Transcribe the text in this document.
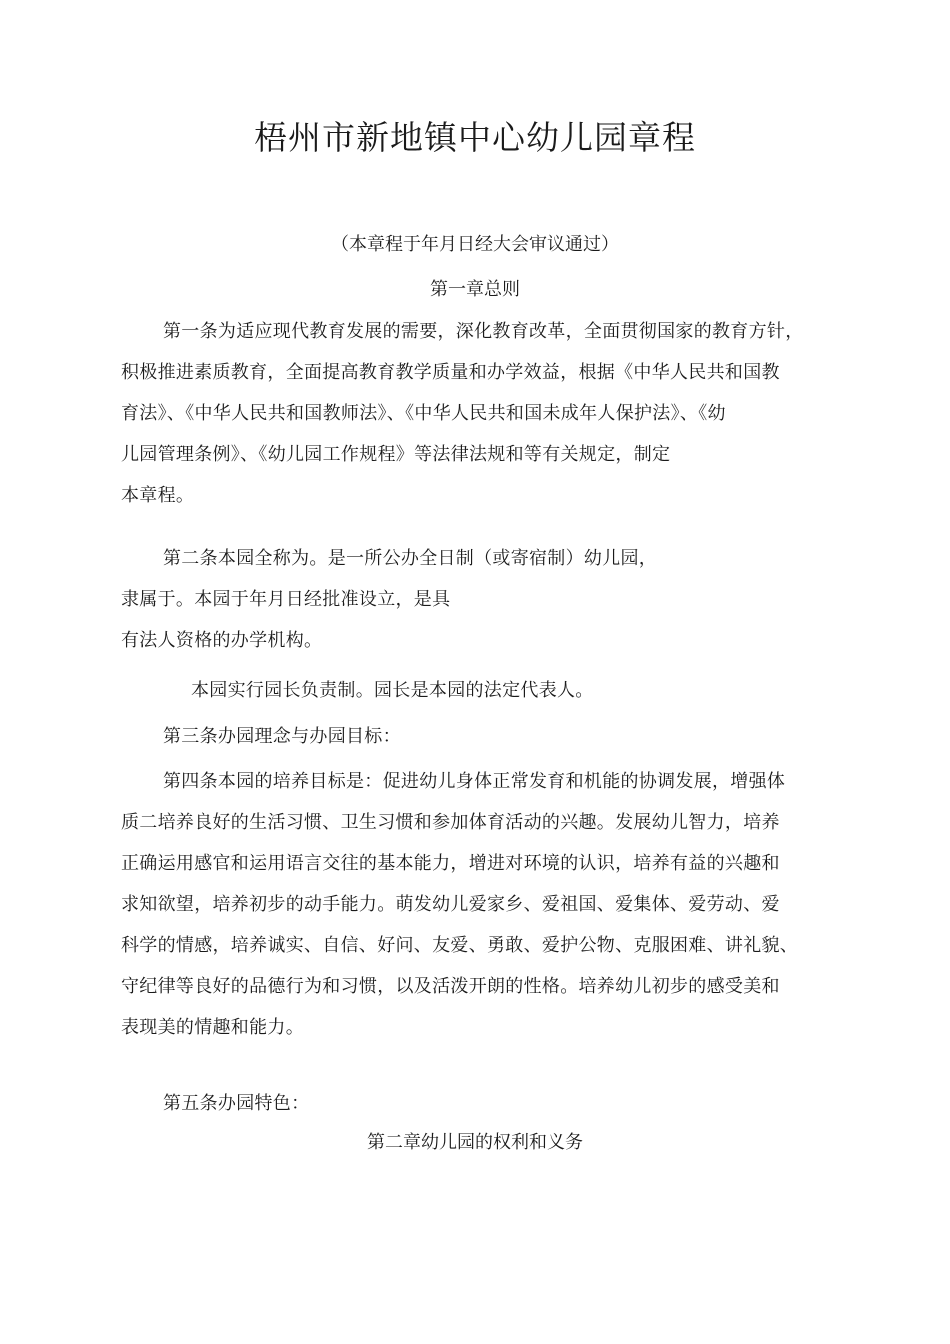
梧州市新地镇中心幼儿园章程
（本章程于年月日经大会审议通过）
第一章总则
第一条为适应现代教育发展的需要，深化教育改革，全面贯彻国家的教育方针，
积极推进素质教育，全面提高教育教学质量和办学效益，根据《中华人民共和国教
育法》、《中华人民共和国教师法》、《中华人民共和国未成年人保护法》、《幼
儿园管理条例》、《幼儿园工作规程》等法律法规和等有关规定，制定
本章程。
第二条本园全称为。是一所公办全日制（或寄宿制）幼儿园，
隶属于。本园于年月日经批准设立，是具
有法人资格的办学机构。
本园实行园长负责制。园长是本园的法定代表人。
第三条办园理念与办园目标：
第四条本园的培养目标是：促进幼儿身体正常发育和机能的协调发展，增强体
质二培养良好的生活习惯、卫生习惯和参加体育活动的兴趣。发展幼儿智力，培养
正确运用感官和运用语言交往的基本能力，增进对环境的认识，培养有益的兴趣和
求知欲望，培养初步的动手能力。萌发幼儿爱家乡、爱祖国、爱集体、爱劳动、爱
科学的情感，培养诚实、自信、好问、友爱、勇敢、爱护公物、克服困难、讲礼貌、
守纪律等良好的品德行为和习惯，以及活泼开朗的性格。培养幼儿初步的感受美和
表现美的情趣和能力。
第五条办园特色：
第二章幼儿园的权利和义务
